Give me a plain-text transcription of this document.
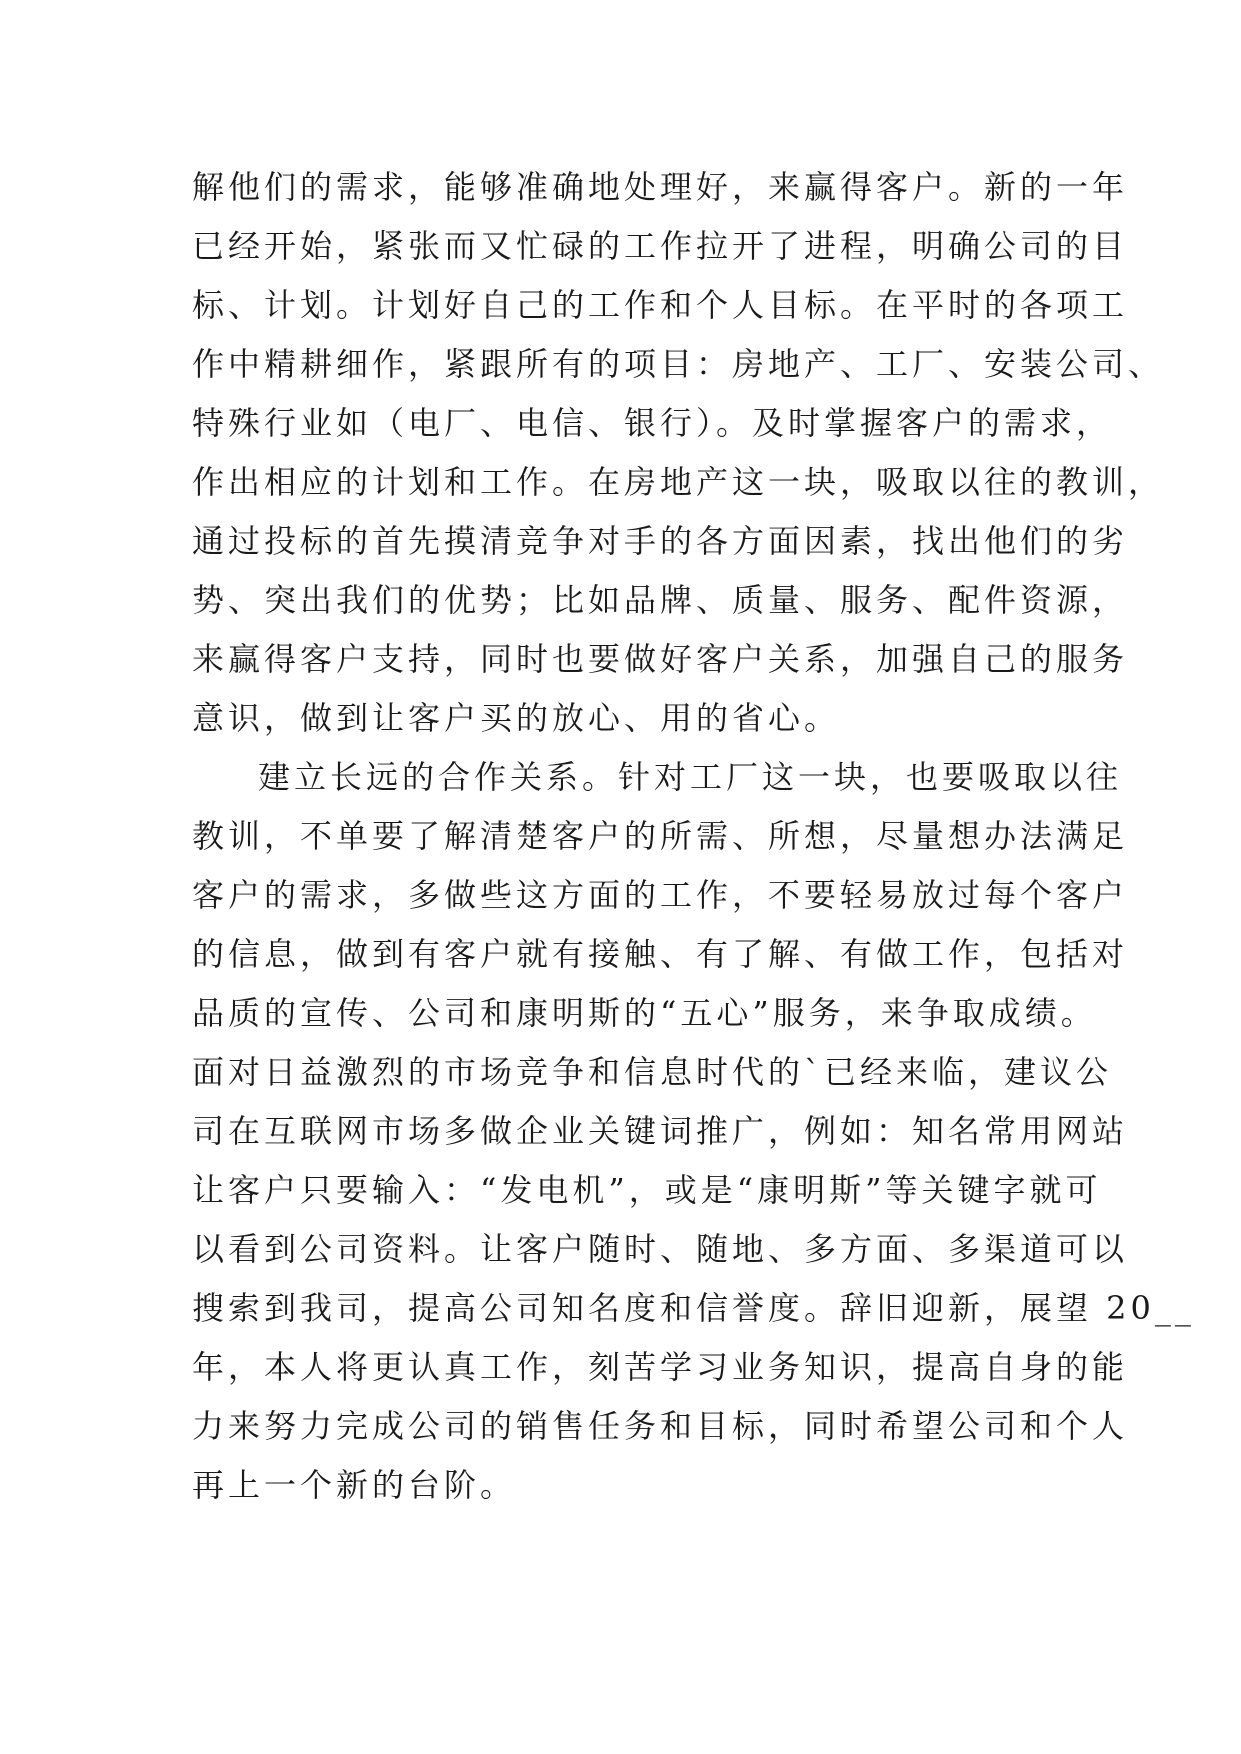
解他们的需求，能够准确地处理好，来赢得客户。新的一年
已经开始，紧张而又忙碌的工作拉开了进程，明确公司的目
标、计划。计划好自己的工作和个人目标。在平时的各项工
作中精耕细作，紧跟所有的项目：房地产、工厂、安装公司、
特殊行业如（电厂、电信、银行）。及时掌握客户的需求，
作出相应的计划和工作。在房地产这一块，吸取以往的教训，
通过投标的首先摸清竞争对手的各方面因素，找出他们的劣
势、突出我们的优势；比如品牌、质量、服务、配件资源，
来赢得客户支持，同时也要做好客户关系，加强自己的服务
意识，做到让客户买的放心、用的省心。
建立长远的合作关系。针对工厂这一块，也要吸取以往
教训，不单要了解清楚客户的所需、所想，尽量想办法满足
客户的需求，多做些这方面的工作，不要轻易放过每个客户
的信息，做到有客户就有接触、有了解、有做工作，包括对
品质的宣传、公司和康明斯的“五心”服务，来争取成绩。
面对日益激烈的市场竞争和信息时代的`已经来临，建议公
司在互联网市场多做企业关键词推广，例如：知名常用网站
让客户只要输入：“发电机”，或是“康明斯”等关键字就可
以看到公司资料。让客户随时、随地、多方面、多渠道可以
搜索到我司，提高公司知名度和信誉度。辞旧迎新，展望 20__
年，本人将更认真工作，刻苦学习业务知识，提高自身的能
力来努力完成公司的销售任务和目标，同时希望公司和个人
再上一个新的台阶。
